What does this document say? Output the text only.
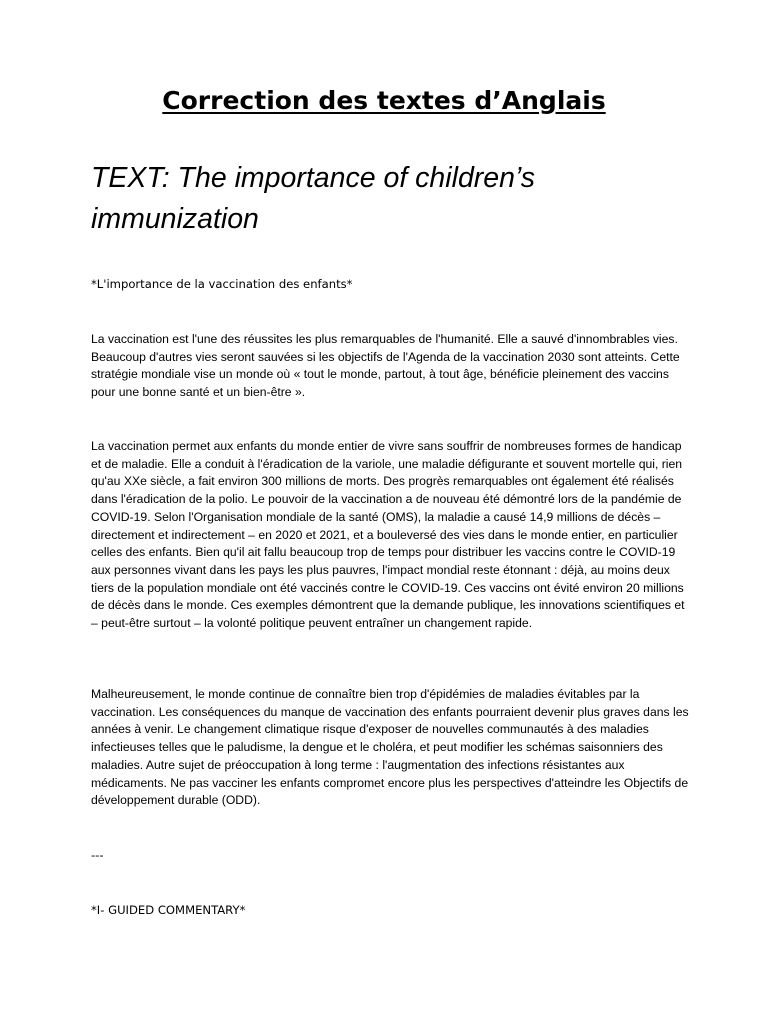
Correction des textes d’Anglais
TEXT: The importance of children’s immunization

*L'importance de la vaccination des enfants*

La vaccination est l'une des réussites les plus remarquables de l'humanité. Elle a sauvé d'innombrables vies. Beaucoup d'autres vies seront sauvées si les objectifs de l'Agenda de la vaccination 2030 sont atteints. Cette stratégie mondiale vise un monde où « tout le monde, partout, à tout âge, bénéficie pleinement des vaccins pour une bonne santé et un bien-être ».

La vaccination permet aux enfants du monde entier de vivre sans souffrir de nombreuses formes de handicap et de maladie. Elle a conduit à l'éradication de la variole, une maladie défigurante et souvent mortelle qui, rien qu'au XXe siècle, a fait environ 300 millions de morts. Des progrès remarquables ont également été réalisés dans l'éradication de la polio. Le pouvoir de la vaccination a de nouveau été démontré lors de la pandémie de COVID-19. Selon l'Organisation mondiale de la santé (OMS), la maladie a causé 14,9 millions de décès – directement et indirectement – en 2020 et 2021, et a bouleversé des vies dans le monde entier, en particulier celles des enfants. Bien qu'il ait fallu beaucoup trop de temps pour distribuer les vaccins contre le COVID-19 aux personnes vivant dans les pays les plus pauvres, l'impact mondial reste étonnant : déjà, au moins deux tiers de la population mondiale ont été vaccinés contre le COVID-19. Ces vaccins ont évité environ 20 millions de décès dans le monde. Ces exemples démontrent que la demande publique, les innovations scientifiques et – peut-être surtout – la volonté politique peuvent entraîner un changement rapide.

Malheureusement, le monde continue de connaître bien trop d'épidémies de maladies évitables par la vaccination. Les conséquences du manque de vaccination des enfants pourraient devenir plus graves dans les années à venir. Le changement climatique risque d'exposer de nouvelles communautés à des maladies infectieuses telles que le paludisme, la dengue et le choléra, et peut modifier les schémas saisonniers des maladies. Autre sujet de préoccupation à long terme : l'augmentation des infections résistantes aux médicaments. Ne pas vacciner les enfants compromet encore plus les perspectives d'atteindre les Objectifs de développement durable (ODD).

---

*I- GUIDED COMMENTARY*
